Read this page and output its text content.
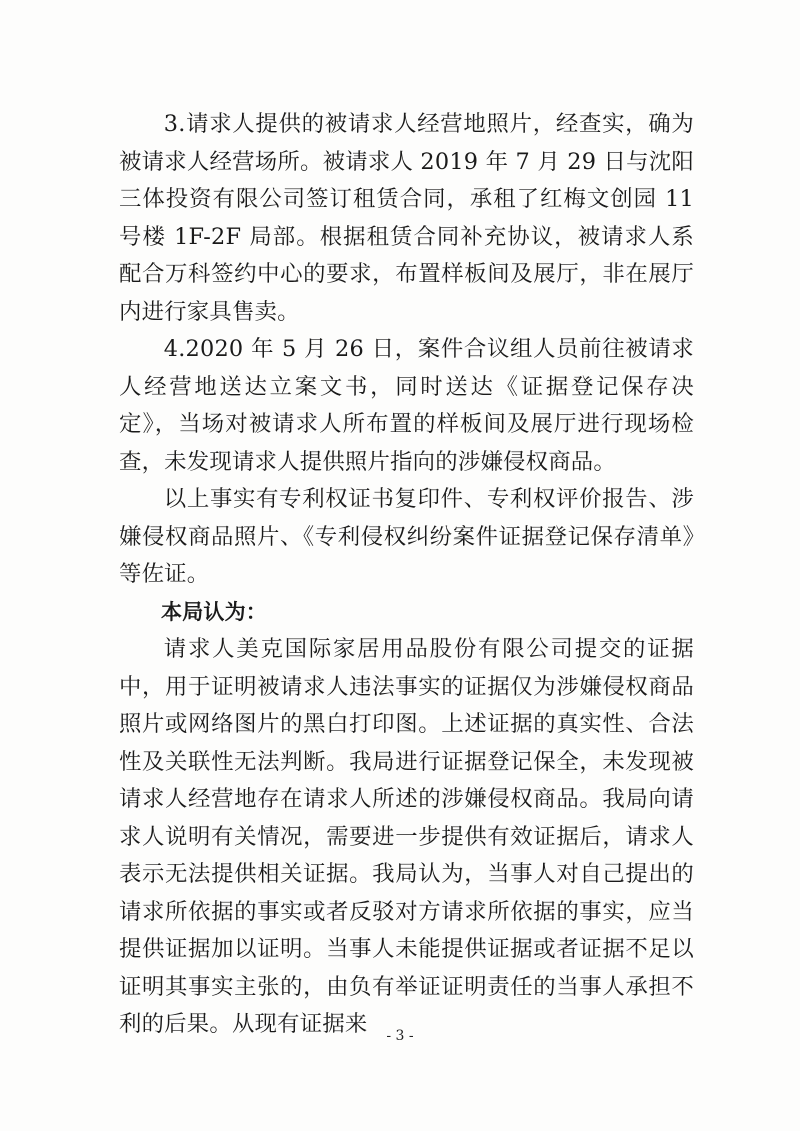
3.请求人提供的被请求人经营地照片，经查实，确为被请求人经营场所。被请求人 2019 年 7 月 29 日与沈阳三体投资有限公司签订租赁合同，承租了红梅文创园 11 号楼 1F-2F 局部。根据租赁合同补充协议，被请求人系配合万科签约中心的要求，布置样板间及展厅，非在展厅内进行家具售卖。

4.2020 年 5 月 26 日，案件合议组人员前往被请求人经营地送达立案文书，同时送达《证据登记保存决定》，当场对被请求人所布置的样板间及展厅进行现场检查，未发现请求人提供照片指向的涉嫌侵权商品。

以上事实有专利权证书复印件、专利权评价报告、涉嫌侵权商品照片、《专利侵权纠纷案件证据登记保存清单》等佐证。

本局认为：

请求人美克国际家居用品股份有限公司提交的证据中，用于证明被请求人违法事实的证据仅为涉嫌侵权商品照片或网络图片的黑白打印图。上述证据的真实性、合法性及关联性无法判断。我局进行证据登记保全，未发现被请求人经营地存在请求人所述的涉嫌侵权商品。我局向请求人说明有关情况，需要进一步提供有效证据后，请求人表示无法提供相关证据。我局认为，当事人对自己提出的请求所依据的事实或者反驳对方请求所依据的事实，应当提供证据加以证明。当事人未能提供证据或者证据不足以证明其事实主张的，由负有举证证明责任的当事人承担不利的后果。从现有证据来	- 3 -
